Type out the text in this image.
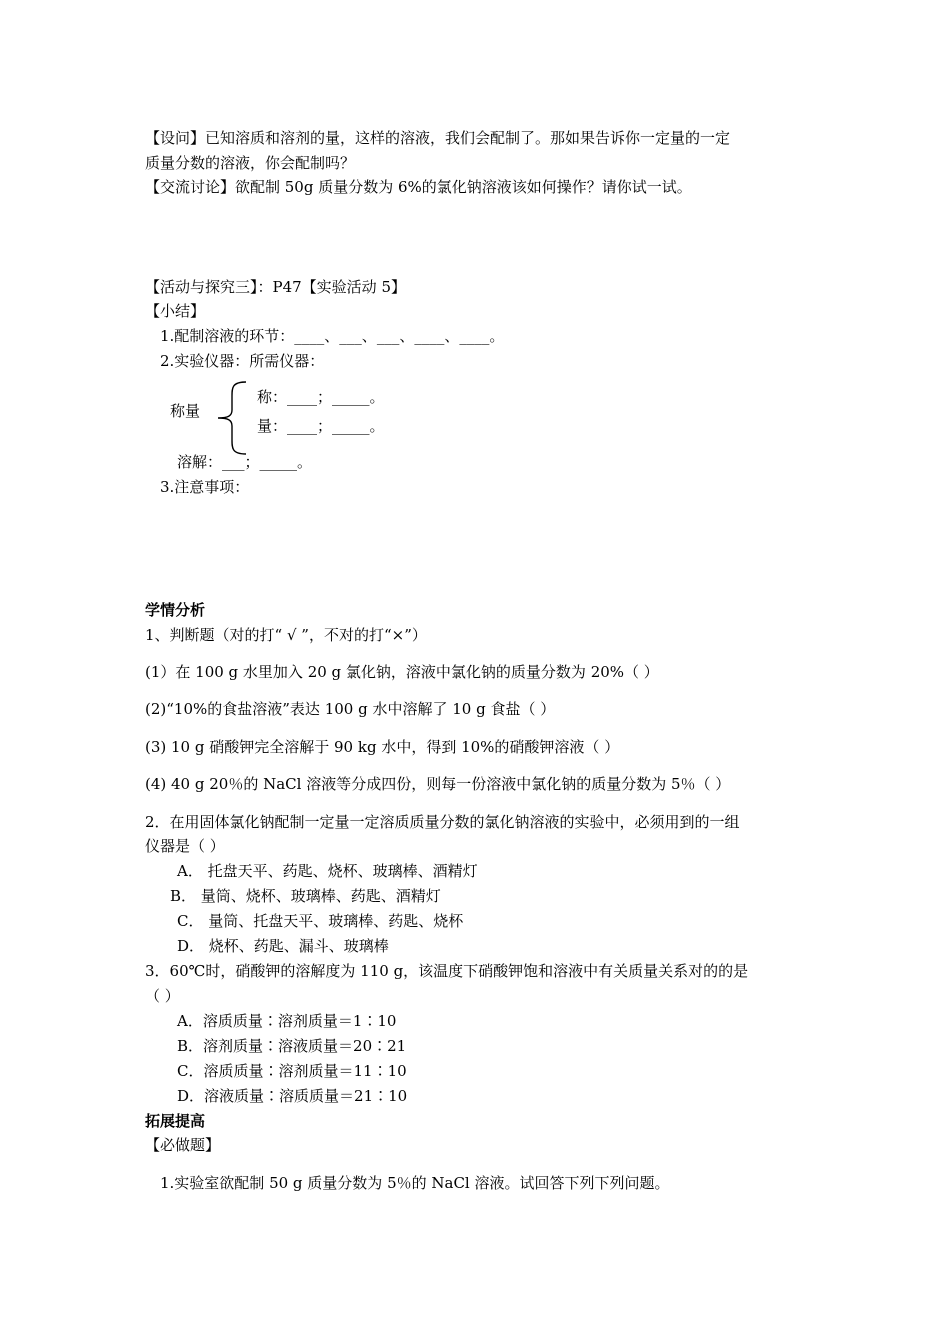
【设问】已知溶质和溶剂的量，这样的溶液，我们会配制了。那如果告诉你一定量的一定
质量分数的溶液，你会配制吗？
【交流讨论】欲配制 50g 质量分数为 6%的氯化钠溶液该如何操作？请你试一试。
【活动与探究三】：P47【实验活动 5】
【小结】
1.配制溶液的环节：____、___、___、____、____。
2.实验仪器：所需仪器：
称量
称：____；_____。
量：____；_____。
溶解：___；_____。
3.注意事项：
学情分析
1、判断题（对的打“ √ ”，不对的打“×”）
(1）在 100 g 水里加入 20 g 氯化钠，溶液中氯化钠的质量分数为 20%（ ）
(2)“10%的食盐溶液”表达 100 g 水中溶解了 10 g 食盐（ ）
(3) 10 g 硝酸钾完全溶解于 90 kg 水中，得到 10%的硝酸钾溶液（ ）
(4) 40 g 20％的 NaCl 溶液等分成四份，则每一份溶液中氯化钠的质量分数为 5％（ ）
2．在用固体氯化钠配制一定量一定溶质质量分数的氯化钠溶液的实验中，必须用到的一组
仪器是（ ）
A． 托盘天平、药匙、烧杯、玻璃棒、酒精灯
B． 量筒、烧杯、玻璃棒、药匙、酒精灯
C． 量筒、托盘天平、玻璃棒、药匙、烧杯
D． 烧杯、药匙、漏斗、玻璃棒
3．60℃时，硝酸钾的溶解度为 110 g，该温度下硝酸钾饱和溶液中有关质量关系对的的是
（ ）
A．溶质质量∶溶剂质量＝1∶10
B．溶剂质量∶溶液质量＝20∶21
C．溶质质量∶溶剂质量＝11∶10
D．溶液质量∶溶质质量＝21∶10
拓展提高
【必做题】
1.实验室欲配制 50 g 质量分数为 5％的 NaCl 溶液。试回答下列下列问题。
